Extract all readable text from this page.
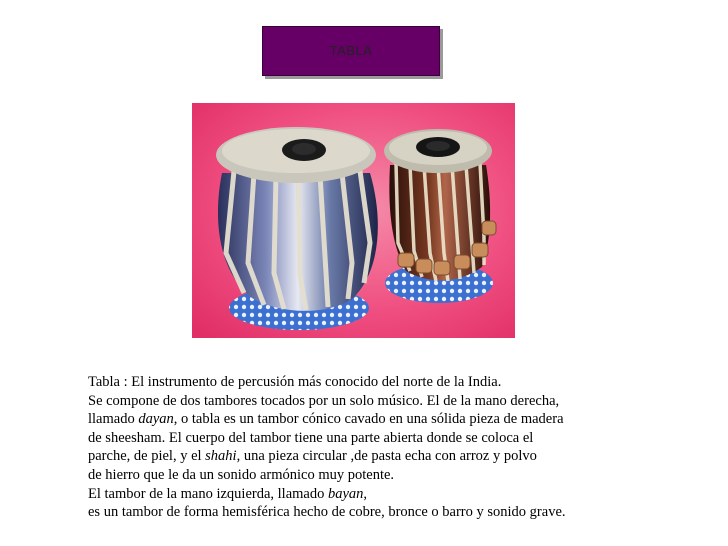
TABLA
Tabla : El instrumento de percusión más conocido del norte de la India.
Se compone de dos tambores tocados por un solo músico. El de la mano derecha,
llamado dayan, o tabla es un tambor cónico cavado en una sólida pieza de madera
de sheesham. El cuerpo del tambor tiene una parte abierta donde se coloca el
parche, de piel, y el shahi, una pieza circular ,de pasta echa con arroz y polvo
de hierro que le da un sonido armónico muy potente.
El tambor de la mano izquierda, llamado bayan,
es un tambor de forma hemisférica hecho de cobre, bronce o barro y sonido grave.
